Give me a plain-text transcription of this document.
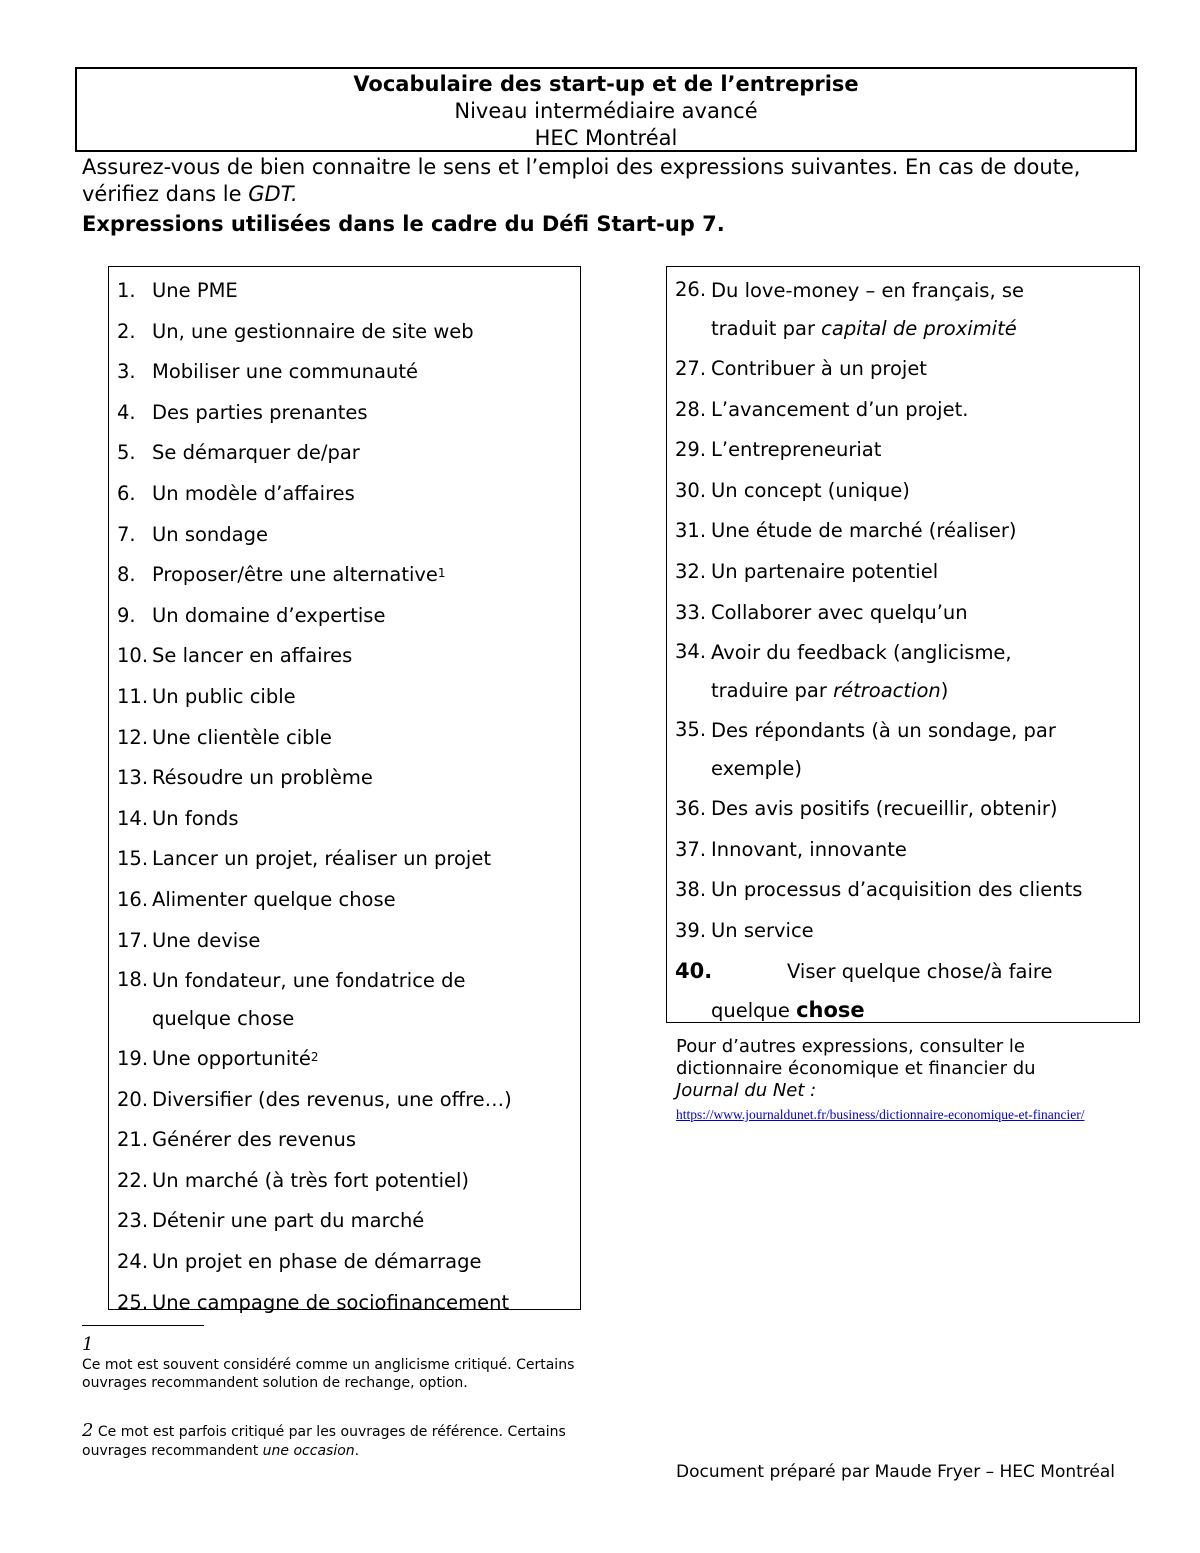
Vocabulaire des start-up et de l’entreprise
Niveau intermédiaire avancé
HEC Montréal
Assurez-vous de bien connaitre le sens et l’emploi des expressions suivantes. En cas de doute, vérifiez dans le GDT.
Expressions utilisées dans le cadre du Défi Start-up 7.
1. Une PME
2. Un, une gestionnaire de site web
3. Mobiliser une communauté
4. Des parties prenantes
5. Se démarquer de/par
6. Un modèle d’affaires
7. Un sondage
8. Proposer/être une alternative$^1$
9. Un domaine d’expertise
10. Se lancer en affaires
11. Un public cible
12. Une clientèle cible
13. Résoudre un problème
14. Un fonds
15. Lancer un projet, réaliser un projet
16. Alimenter quelque chose
17. Une devise
18. Un fondateur, une fondatrice de
quelque chose
19. Une opportunité$^2$
20. Diversifier (des revenus, une offre…)
21. Générer des revenus
22. Un marché (à très fort potentiel)
23. Détenir une part du marché
24. Un projet en phase de démarrage
25. Une campagne de sociofinancement
26. Du love-money – en français, se
traduit par capital de proximité
27. Contribuer à un projet
28. L’avancement d’un projet.
29. L’entrepreneuriat
30. Un concept (unique)
31. Une étude de marché (réaliser)
32. Un partenaire potentiel
33. Collaborer avec quelqu’un
34. Avoir du feedback (anglicisme,
traduire par rétroaction)
35. Des répondants (à un sondage, par
exemple)
36. Des avis positifs (recueillir, obtenir)
37. Innovant, innovante
38. Un processus d’acquisition des clients
39. Un service
40.	Viser quelque chose/à faire
quelque chose
Pour d’autres expressions, consulter le dictionnaire économique et financier du
Journal du Net :
https://www.journaldunet.fr/business/dictionnaire-economique-et-financier/
1
Ce mot est souvent considéré comme un anglicisme critiqué. Certains ouvrages recommandent solution de rechange, option.
2 Ce mot est parfois critiqué par les ouvrages de référence. Certains ouvrages recommandent une occasion.
Document préparé par Maude Fryer – HEC Montréal
